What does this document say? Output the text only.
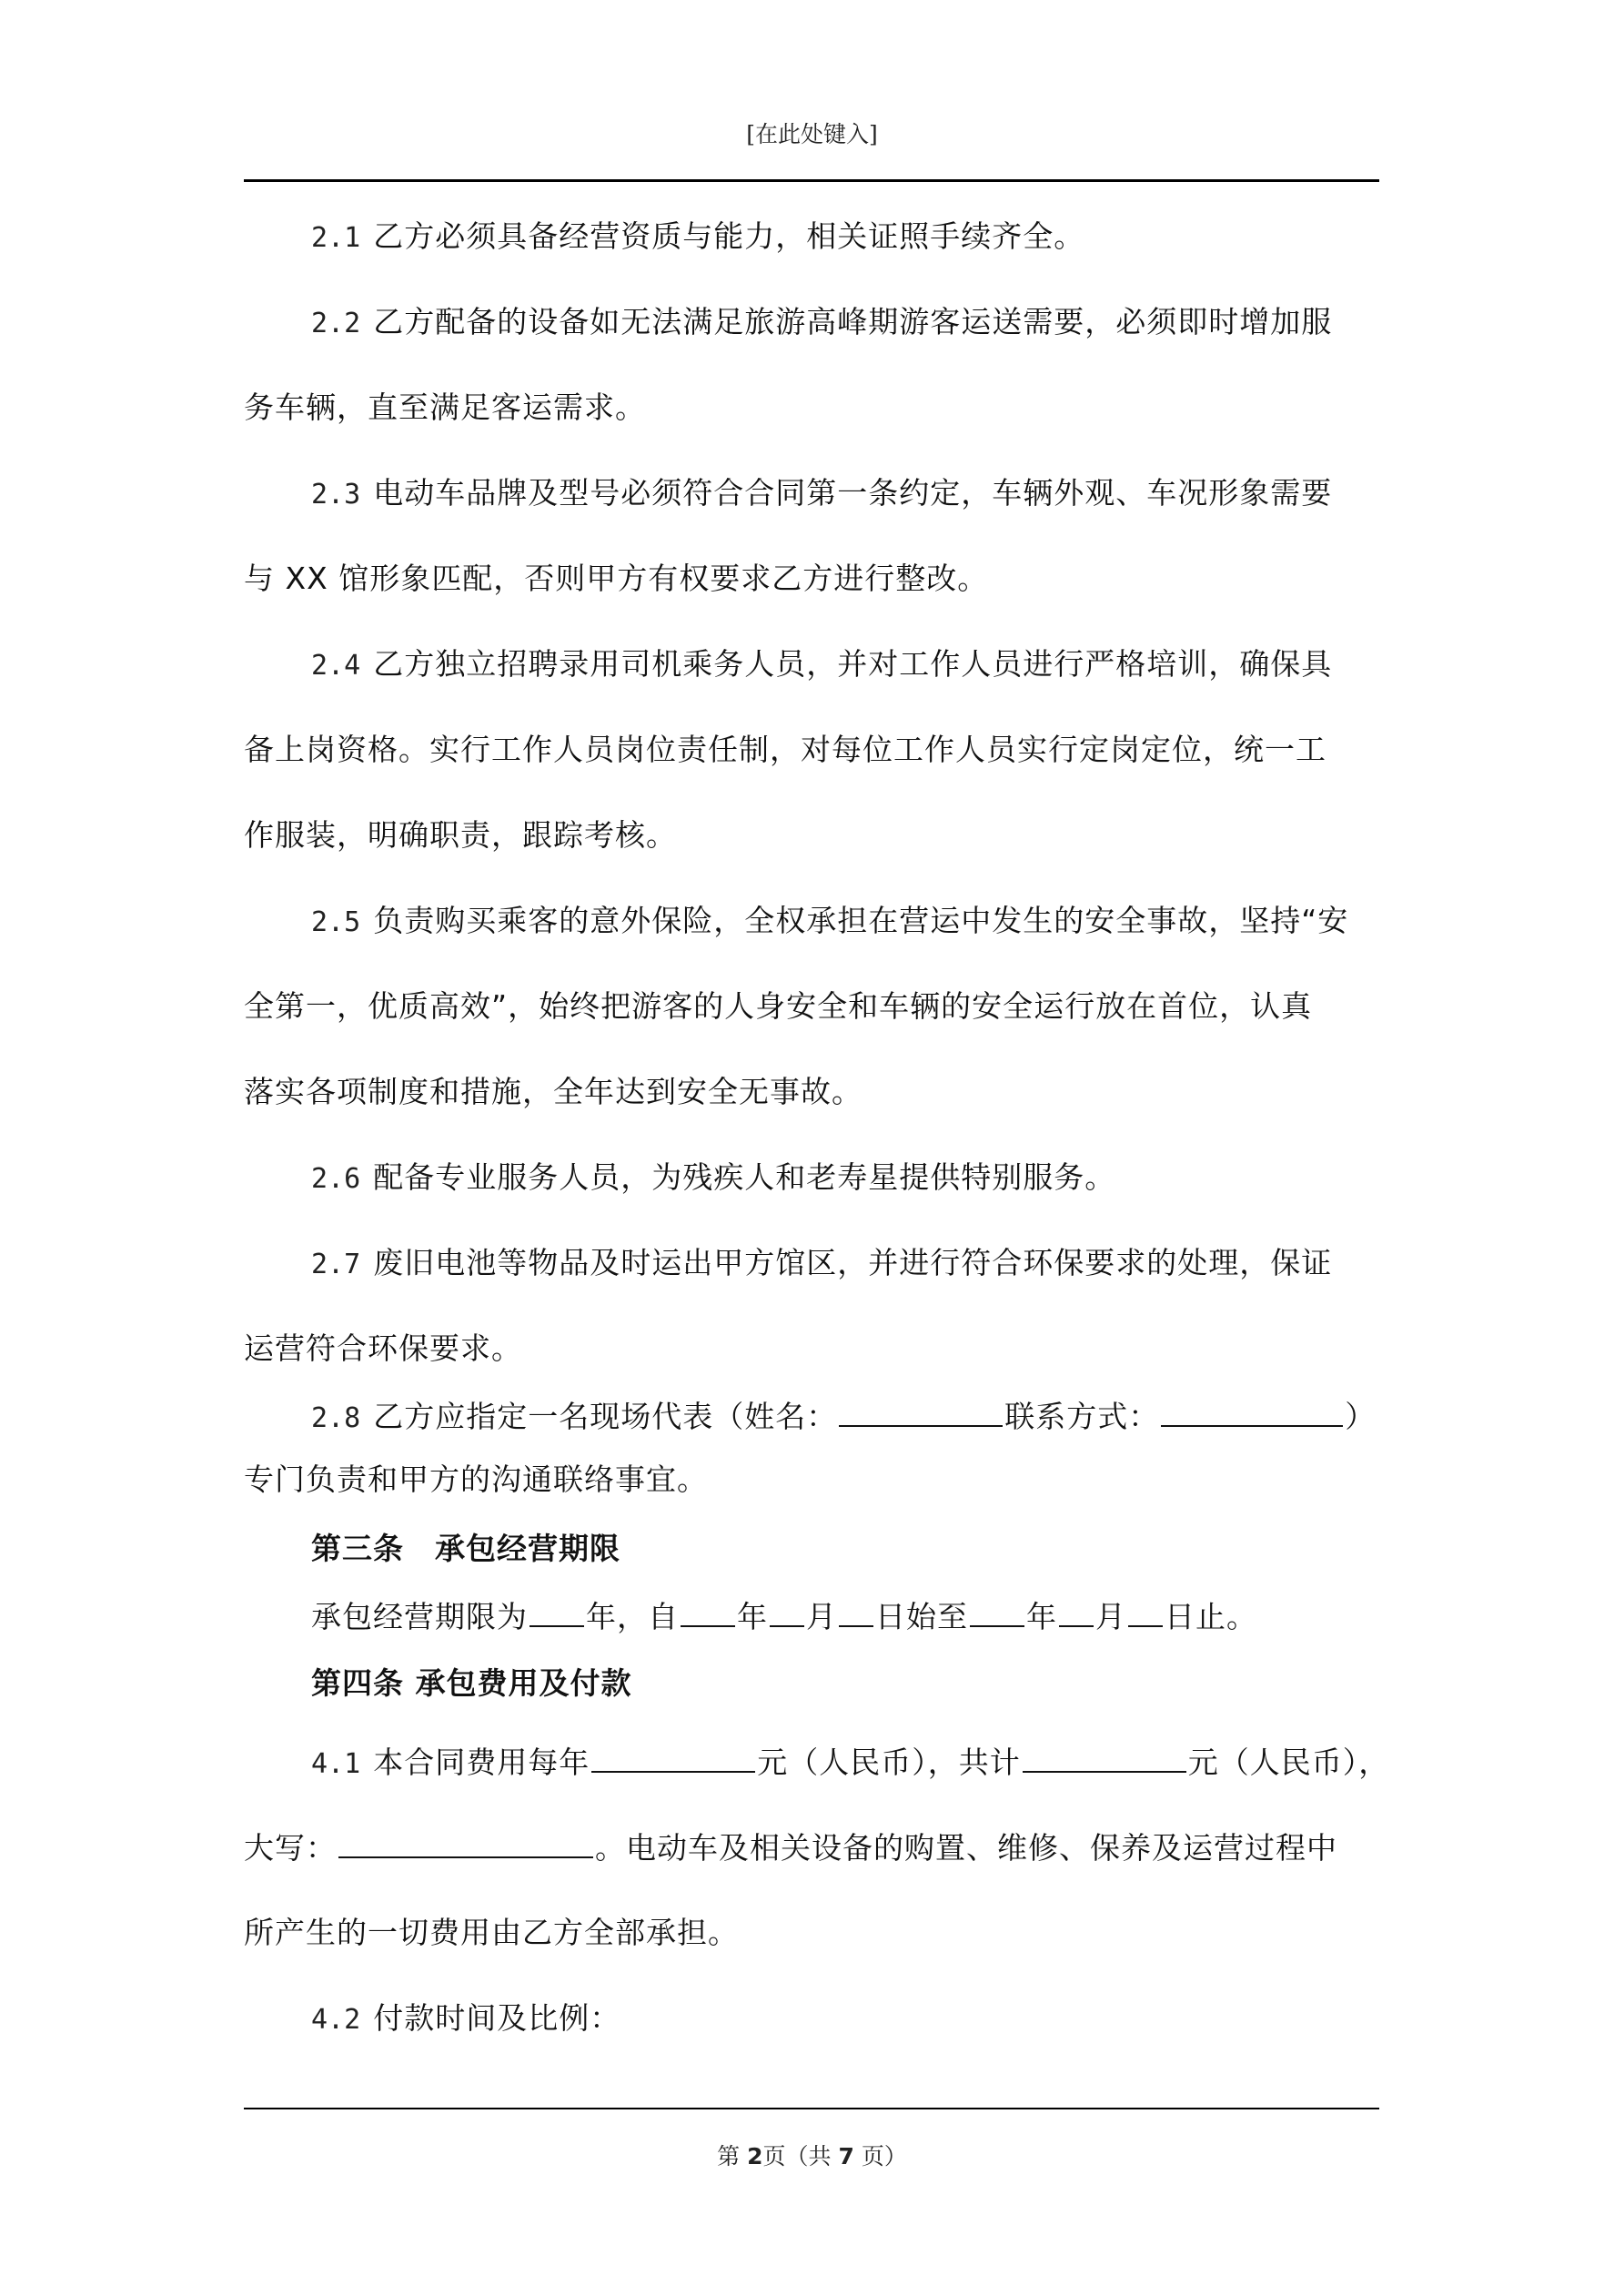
[在此处键入]
2.1 乙方必须具备经营资质与能力，相关证照手续齐全。
2.2 乙方配备的设备如无法满足旅游高峰期游客运送需要，必须即时增加服
务车辆，直至满足客运需求。
2.3 电动车品牌及型号必须符合合同第一条约定，车辆外观、车况形象需要
与 XX 馆形象匹配，否则甲方有权要求乙方进行整改。
2.4 乙方独立招聘录用司机乘务人员，并对工作人员进行严格培训，确保具
备上岗资格。实行工作人员岗位责任制，对每位工作人员实行定岗定位，统一工
作服装，明确职责，跟踪考核。
2.5 负责购买乘客的意外保险，全权承担在营运中发生的安全事故，坚持“安
全第一，优质高效”，始终把游客的人身安全和车辆的安全运行放在首位，认真
落实各项制度和措施，全年达到安全无事故。
2.6 配备专业服务人员，为残疾人和老寿星提供特别服务。
2.7 废旧电池等物品及时运出甲方馆区，并进行符合环保要求的处理，保证
运营符合环保要求。
2.8 乙方应指定一名现场代表（姓名：	联系方式：	）
专门负责和甲方的沟通联络事宜。
第三条　承包经营期限
承包经营期限为 年，自 年 月 日始至 年 月 日止。
第四条 承包费用及付款
4.1 本合同费用每年	元（人民币），共计	元（人民币），
大写：	。电动车及相关设备的购置、维修、保养及运营过程中
所产生的一切费用由乙方全部承担。
4.2 付款时间及比例：
第 2页（共 7 页）
